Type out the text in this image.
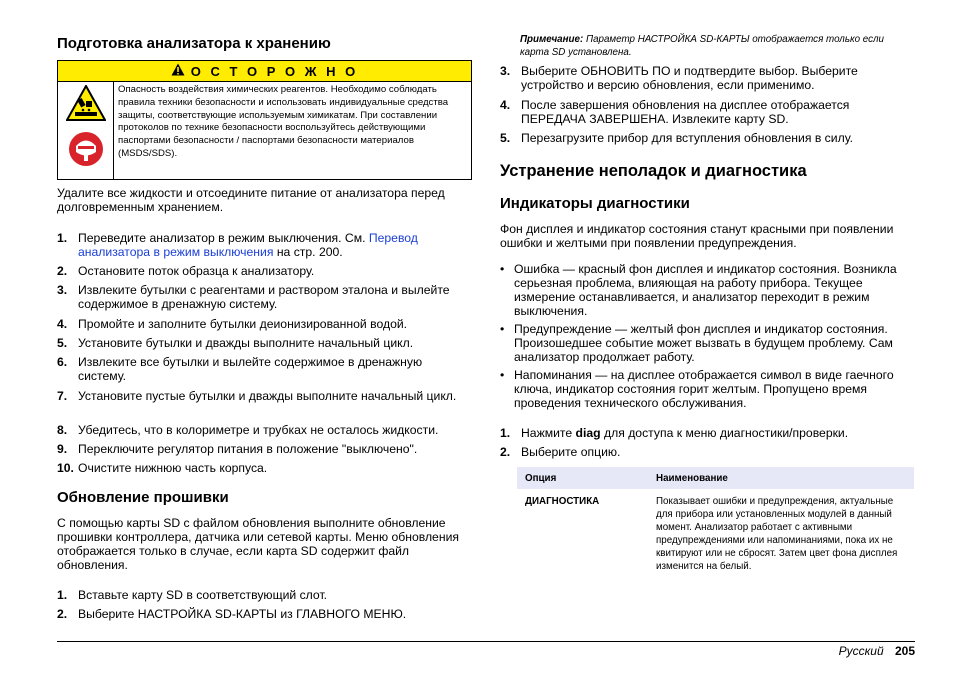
Подготовка анализатора к хранению
О С Т О Р О Ж Н О
Опасность воздействия химических реагентов. Необходимо соблюдать правила техники безопасности и использовать индивидуальные средства защиты, соответствующие используемым химикатам. При составлении протоколов по технике безопасности воспользуйтесь действующими паспортами безопасности / паспортами безопасности материалов (MSDS/SDS).
Удалите все жидкости и отсоедините питание от анализатора перед долговременным хранением.
1. Переведите анализатор в режим выключения. См. Перевод анализатора в режим выключения на стр. 200.
2. Остановите поток образца к анализатору.
3. Извлеките бутылки с реагентами и раствором эталона и вылейте содержимое в дренажную систему.
4. Промойте и заполните бутылки деионизированной водой.
5. Установите бутылки и дважды выполните начальный цикл.
6. Извлеките все бутылки и вылейте содержимое в дренажную систему.
7. Установите пустые бутылки и дважды выполните начальный цикл.
8. Убедитесь, что в колориметре и трубках не осталось жидкости.
9. Переключите регулятор питания в положение "выключено".
10. Очистите нижнюю часть корпуса.
Обновление прошивки
С помощью карты SD с файлом обновления выполните обновление прошивки контроллера, датчика или сетевой карты. Меню обновления отображается только в случае, если карта SD содержит файл обновления.
1. Вставьте карту SD в соответствующий слот.
2. Выберите НАСТРОЙКА SD-КАРТЫ из ГЛАВНОГО МЕНЮ.
Примечание: Параметр НАСТРОЙКА SD-КАРТЫ отображается только если карта SD установлена.
3. Выберите ОБНОВИТЬ ПО и подтвердите выбор. Выберите устройство и версию обновления, если применимо.
4. После завершения обновления на дисплее отображается ПЕРЕДАЧА ЗАВЕРШЕНА. Извлеките карту SD.
5. Перезагрузите прибор для вступления обновления в силу.
Устранение неполадок и диагностика
Индикаторы диагностики
Фон дисплея и индикатор состояния станут красными при появлении ошибки и желтыми при появлении предупреждения.
• Ошибка — красный фон дисплея и индикатор состояния. Возникла серьезная проблема, влияющая на работу прибора. Текущее измерение останавливается, и анализатор переходит в режим выключения.
• Предупреждение — желтый фон дисплея и индикатор состояния. Произошедшее событие может вызвать в будущем проблему. Сам анализатор продолжает работу.
• Напоминания — на дисплее отображается символ в виде гаечного ключа, индикатор состояния горит желтым. Пропущено время проведения технического обслуживания.
1. Нажмите diag для доступа к меню диагностики/проверки.
2. Выберите опцию.
Опция	Наименование
ДИАГНОСТИКА	Показывает ошибки и предупреждения, актуальные для прибора или установленных модулей в данный момент. Анализатор работает с активными предупреждениями или напоминаниями, пока их не квитируют или не сбросят. Затем цвет фона дисплея изменится на белый.
Русский 205
